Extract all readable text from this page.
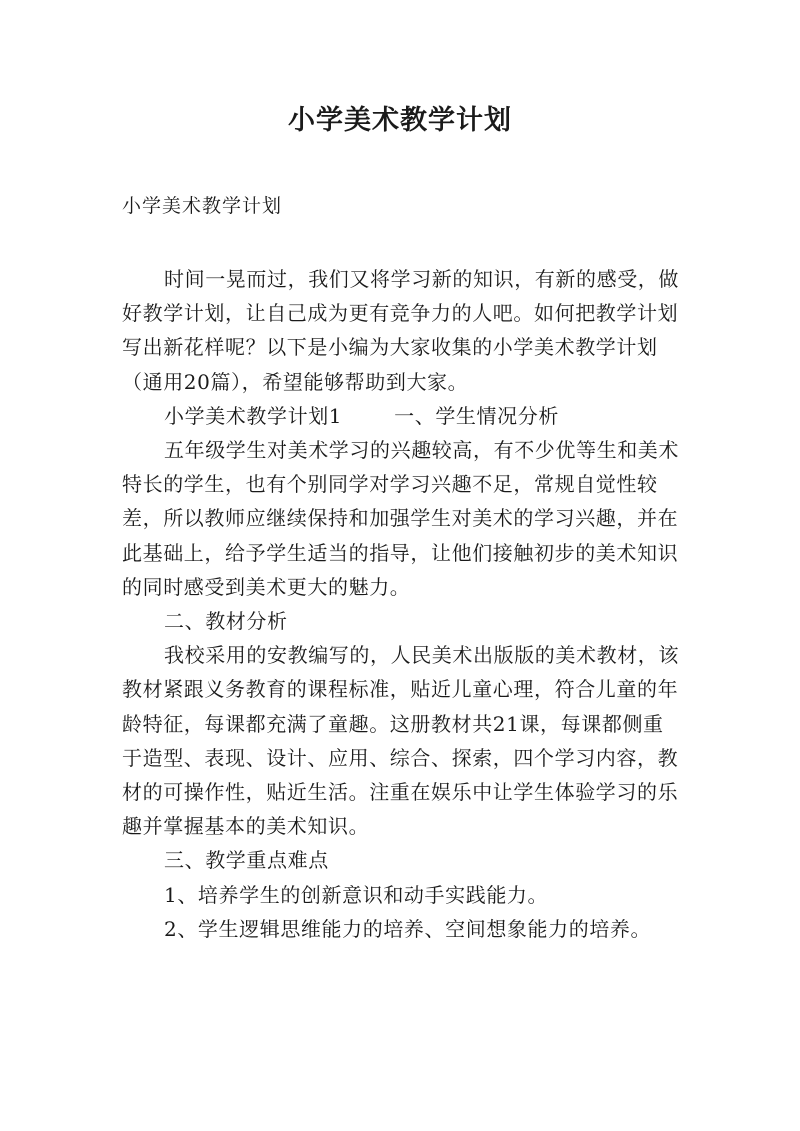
小学美术教学计划
小学美术教学计划

时间一晃而过，我们又将学习新的知识，有新的感受，做好教学计划，让自己成为更有竞争力的人吧。如何把教学计划写出新花样呢？以下是小编为大家收集的小学美术教学计划（通用20篇），希望能够帮助到大家。

小学美术教学计划1	一、学生情况分析

五年级学生对美术学习的兴趣较高，有不少优等生和美术特长的学生，也有个别同学对学习兴趣不足，常规自觉性较差，所以教师应继续保持和加强学生对美术的学习兴趣，并在此基础上，给予学生适当的指导，让他们接触初步的美术知识的同时感受到美术更大的魅力。

二、教材分析

我校采用的安教编写的，人民美术出版版的美术教材，该教材紧跟义务教育的课程标准，贴近儿童心理，符合儿童的年龄特征，每课都充满了童趣。这册教材共21课，每课都侧重于造型、表现、设计、应用、综合、探索，四个学习内容，教材的可操作性，贴近生活。注重在娱乐中让学生体验学习的乐趣并掌握基本的美术知识。

三、教学重点难点

1、培养学生的创新意识和动手实践能力。

2、学生逻辑思维能力的培养、空间想象能力的培养。
